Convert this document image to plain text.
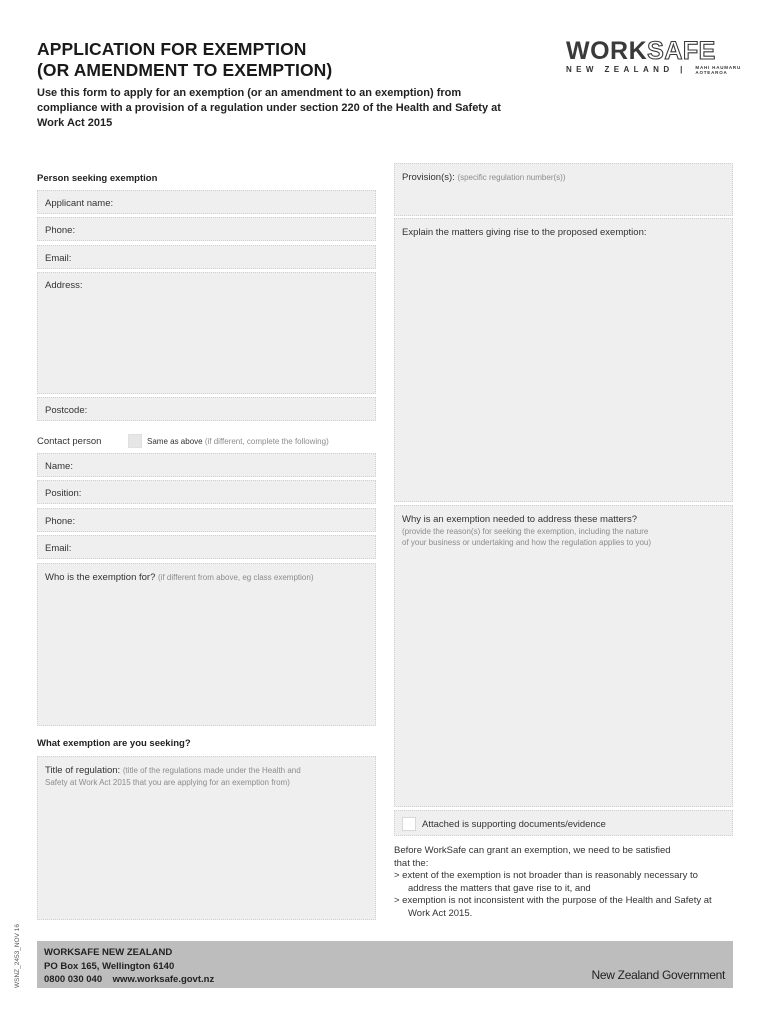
APPLICATION FOR EXEMPTION
(OR AMENDMENT TO EXEMPTION)
Use this form to apply for an exemption (or an amendment to an exemption) from compliance with a provision of a regulation under section 220 of the Health and Safety at Work Act 2015
WORKSAFE
NEW ZEALAND | MAHI HAUMARU
AOTEAROA
Person seeking exemption
Applicant name:
Phone:
Email:
Address:
Postcode:
Contact person	Same as above (if different, complete the following)
Name:
Position:
Phone:
Email:
Who is the exemption for? (if different from above, eg class exemption)
What exemption are you seeking?
Title of regulation: (title of the regulations made under the Health and
Safety at Work Act 2015 that you are applying for an exemption from)
Provision(s): (specific regulation number(s))
Explain the matters giving rise to the proposed exemption:
Why is an exemption needed to address these matters?
(provide the reason(s) for seeking the exemption, including the nature
of your business or undertaking and how the regulation applies to you)
Attached is supporting documents/evidence
Before WorkSafe can grant an exemption, we need to be satisfied
that the:
> extent of the exemption is not broader than is reasonably necessary to address the matters that gave rise to it, and
> exemption is not inconsistent with the purpose of the Health and Safety at Work Act 2015.
WSNZ_2453_NOV 16 WORKSAFE NEW ZEALAND
PO Box 165, Wellington 6140
0800 030 040    www.worksafe.govt.nz	New Zealand Government
